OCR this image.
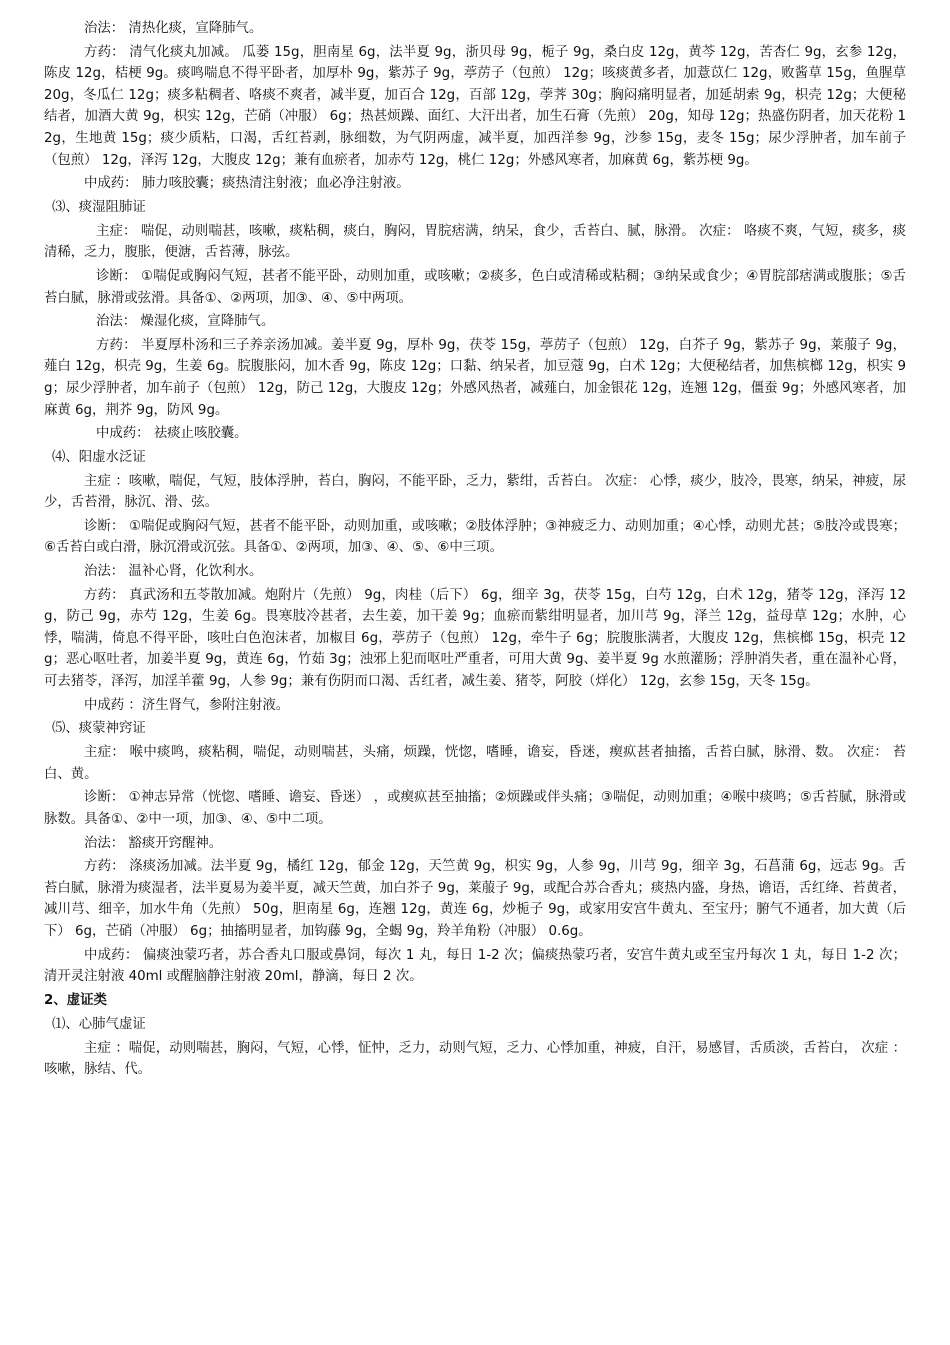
治法： 清热化痰，宣降肺气。

方药： 清气化痰丸加减。 瓜蒌 15g，胆南星 6g，法半夏 9g，浙贝母 9g，栀子 9g，桑白皮 12g，黄芩 12g，苦杏仁 9g，玄参 12g，陈皮 12g，桔梗 9g。痰鸣喘息不得平卧者，加厚朴 9g，紫苏子 9g，葶苈子（包煎） 12g；咳痰黄多者，加薏苡仁 12g，败酱草 15g，鱼腥草 20g，冬瓜仁 12g；痰多粘稠者、咯痰不爽者，减半夏，加百合 12g，百部 12g，荸荠 30g；胸闷痛明显者，加延胡索 9g，枳壳 12g；大便秘结者，加酒大黄 9g，枳实 12g，芒硝（冲服） 6g；热甚烦躁、面红、大汗出者，加生石膏（先煎） 20g，知母 12g；热盛伤阴者，加天花粉 12g，生地黄 15g；痰少质粘，口渴，舌红苔剥，脉细数，为气阴两虚，减半夏，加西洋参 9g，沙参 15g，麦冬 15g；尿少浮肿者，加车前子（包煎） 12g，泽泻 12g，大腹皮 12g；兼有血瘀者，加赤芍 12g，桃仁 12g；外感风寒者，加麻黄 6g，紫苏梗 9g。

中成药： 肺力咳胶囊；痰热清注射液；血必净注射液。

⑶、痰湿阻肺证

主症： 喘促，动则喘甚，咳嗽，痰粘稠，痰白，胸闷，胃脘痞满，纳呆，食少，舌苔白、腻，脉滑。 次症： 咯痰不爽，气短，痰多，痰清稀，乏力，腹胀，便溏，舌苔薄，脉弦。

诊断： ①喘促或胸闷气短，甚者不能平卧，动则加重，或咳嗽；②痰多，色白或清稀或粘稠；③纳呆或食少；④胃脘部痞满或腹胀；⑤舌苔白腻，脉滑或弦滑。具备①、②两项，加③、④、⑤中两项。

治法： 燥湿化痰，宣降肺气。

方药： 半夏厚朴汤和三子养亲汤加减。姜半夏 9g，厚朴 9g，茯苓 15g，葶苈子（包煎） 12g，白芥子 9g，紫苏子 9g，莱菔子 9g，薤白 12g，枳壳 9g，生姜 6g。脘腹胀闷，加木香 9g，陈皮 12g；口黏、纳呆者，加豆蔻 9g，白术 12g；大便秘结者，加焦槟榔 12g，枳实 9g；尿少浮肿者，加车前子（包煎） 12g，防己 12g，大腹皮 12g；外感风热者，减薤白，加金银花 12g，连翘 12g，僵蚕 9g；外感风寒者，加麻黄 6g，荆芥 9g，防风 9g。

中成药： 祛痰止咳胶囊。

⑷、阳虚水泛证

主症 ：咳嗽，喘促，气短，肢体浮肿，苔白，胸闷，不能平卧，乏力，紫绀，舌苔白。 次症： 心悸，痰少，肢冷，畏寒，纳呆，神疲，尿少，舌苔滑，脉沉、滑、弦。

诊断： ①喘促或胸闷气短，甚者不能平卧，动则加重，或咳嗽；②肢体浮肿；③神疲乏力、动则加重；④心悸，动则尤甚；⑤肢冷或畏寒；⑥舌苔白或白滑，脉沉滑或沉弦。具备①、②两项，加③、④、⑤、⑥中三项。

治法： 温补心肾，化饮利水。

方药： 真武汤和五苓散加减。炮附片（先煎） 9g，肉桂（后下） 6g，细辛 3g，茯苓 15g，白芍 12g，白术 12g，猪苓 12g，泽泻 12g，防己 9g，赤芍 12g，生姜 6g。畏寒肢冷甚者，去生姜，加干姜 9g；血瘀而紫绀明显者，加川芎 9g，泽兰 12g，益母草 12g；水肿，心悸，喘满，倚息不得平卧，咳吐白色泡沫者，加椒目 6g，葶苈子（包煎） 12g，牵牛子 6g；脘腹胀满者，大腹皮 12g，焦槟榔 15g，枳壳 12g；恶心呕吐者，加姜半夏 9g，黄连 6g，竹茹 3g；浊邪上犯而呕吐严重者，可用大黄 9g、姜半夏 9g 水煎灌肠；浮肿消失者，重在温补心肾，可去猪苓，泽泻，加淫羊藿 9g，人参 9g；兼有伤阴而口渴、舌红者，减生姜、猪苓，阿胶（烊化） 12g，玄参 15g，天冬 15g。

中成药 ：济生肾气，参附注射液。

⑸、痰蒙神窍证

主症： 喉中痰鸣，痰粘稠，喘促，动则喘甚，头痛，烦躁，恍惚，嗜睡，谵妄，昏迷，瘈疭甚者抽搐，舌苔白腻，脉滑、数。 次症： 苔白、黄。

诊断： ①神志异常（恍惚、嗜睡、谵妄、昏迷） ，或瘈疭甚至抽搐；②烦躁或伴头痛；③喘促，动则加重；④喉中痰鸣；⑤舌苔腻，脉滑或脉数。具备①、②中一项，加③、④、⑤中二项。

治法： 豁痰开窍醒神。

方药： 涤痰汤加减。法半夏 9g，橘红 12g，郁金 12g，天竺黄 9g，枳实 9g，人参 9g，川芎 9g，细辛 3g，石菖蒲 6g，远志 9g。舌苔白腻，脉滑为痰湿者，法半夏易为姜半夏，减天竺黄，加白芥子 9g，莱菔子 9g，或配合苏合香丸；痰热内盛，身热，谵语，舌红绛、苔黄者，减川芎、细辛，加水牛角（先煎） 50g，胆南星 6g，连翘 12g，黄连 6g，炒栀子 9g，或家用安宫牛黄丸、至宝丹；腑气不通者，加大黄（后下） 6g，芒硝（冲服） 6g；抽搐明显者，加钩藤 9g，全蝎 9g，羚羊角粉（冲服） 0.6g。

中成药： 偏痰浊蒙巧者，苏合香丸口服或鼻饲，每次 1 丸，每日 1-2 次；偏痰热蒙巧者，安宫牛黄丸或至宝丹每次 1 丸，每日 1-2 次；清开灵注射液 40ml 或醒脑静注射液 20ml，静滴，每日 2 次。

2、虚证类

⑴、心肺气虚证

主症 ：喘促，动则喘甚，胸闷，气短，心悸，怔忡，乏力，动则气短，乏力、心悸加重，神疲，自汗，易感冒，舌质淡，舌苔白， 次症 ：咳嗽，脉结、代。
